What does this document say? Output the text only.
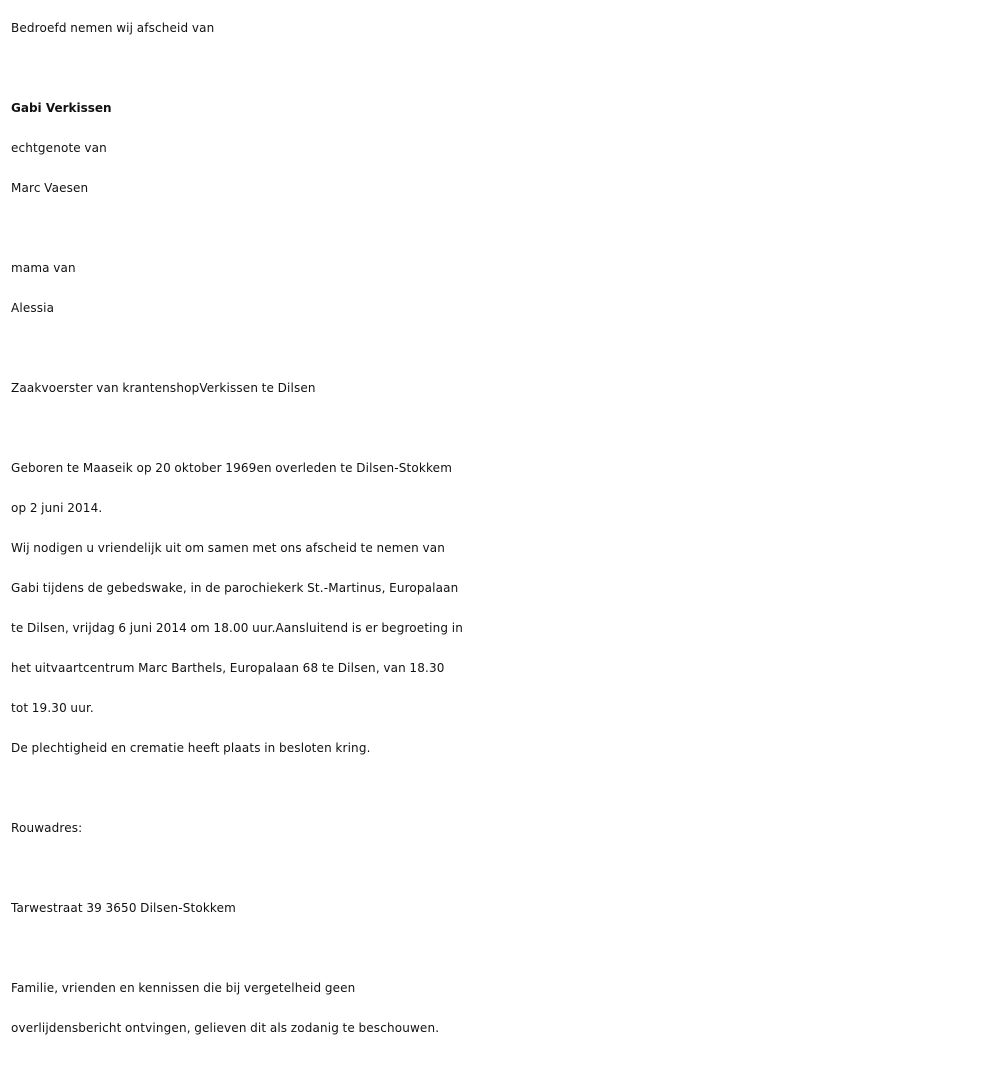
Bedroefd nemen wij afscheid van
Gabi Verkissen
echtgenote van
Marc Vaesen
mama van
Alessia
Zaakvoerster van krantenshopVerkissen te Dilsen
Geboren te Maaseik op 20 oktober 1969en overleden te Dilsen-Stokkem
op 2 juni 2014.
Wij nodigen u vriendelijk uit om samen met ons afscheid te nemen van
Gabi tijdens de gebedswake, in de parochiekerk St.-Martinus, Europalaan
te Dilsen, vrijdag 6 juni 2014 om 18.00 uur.Aansluitend is er begroeting in
het uitvaartcentrum Marc Barthels, Europalaan 68 te Dilsen, van 18.30
tot 19.30 uur.
De plechtigheid en crematie heeft plaats in besloten kring.
Rouwadres:
Tarwestraat 39 3650 Dilsen-Stokkem
Familie, vrienden en kennissen die bij vergetelheid geen
overlijdensbericht ontvingen, gelieven dit als zodanig te beschouwen.
